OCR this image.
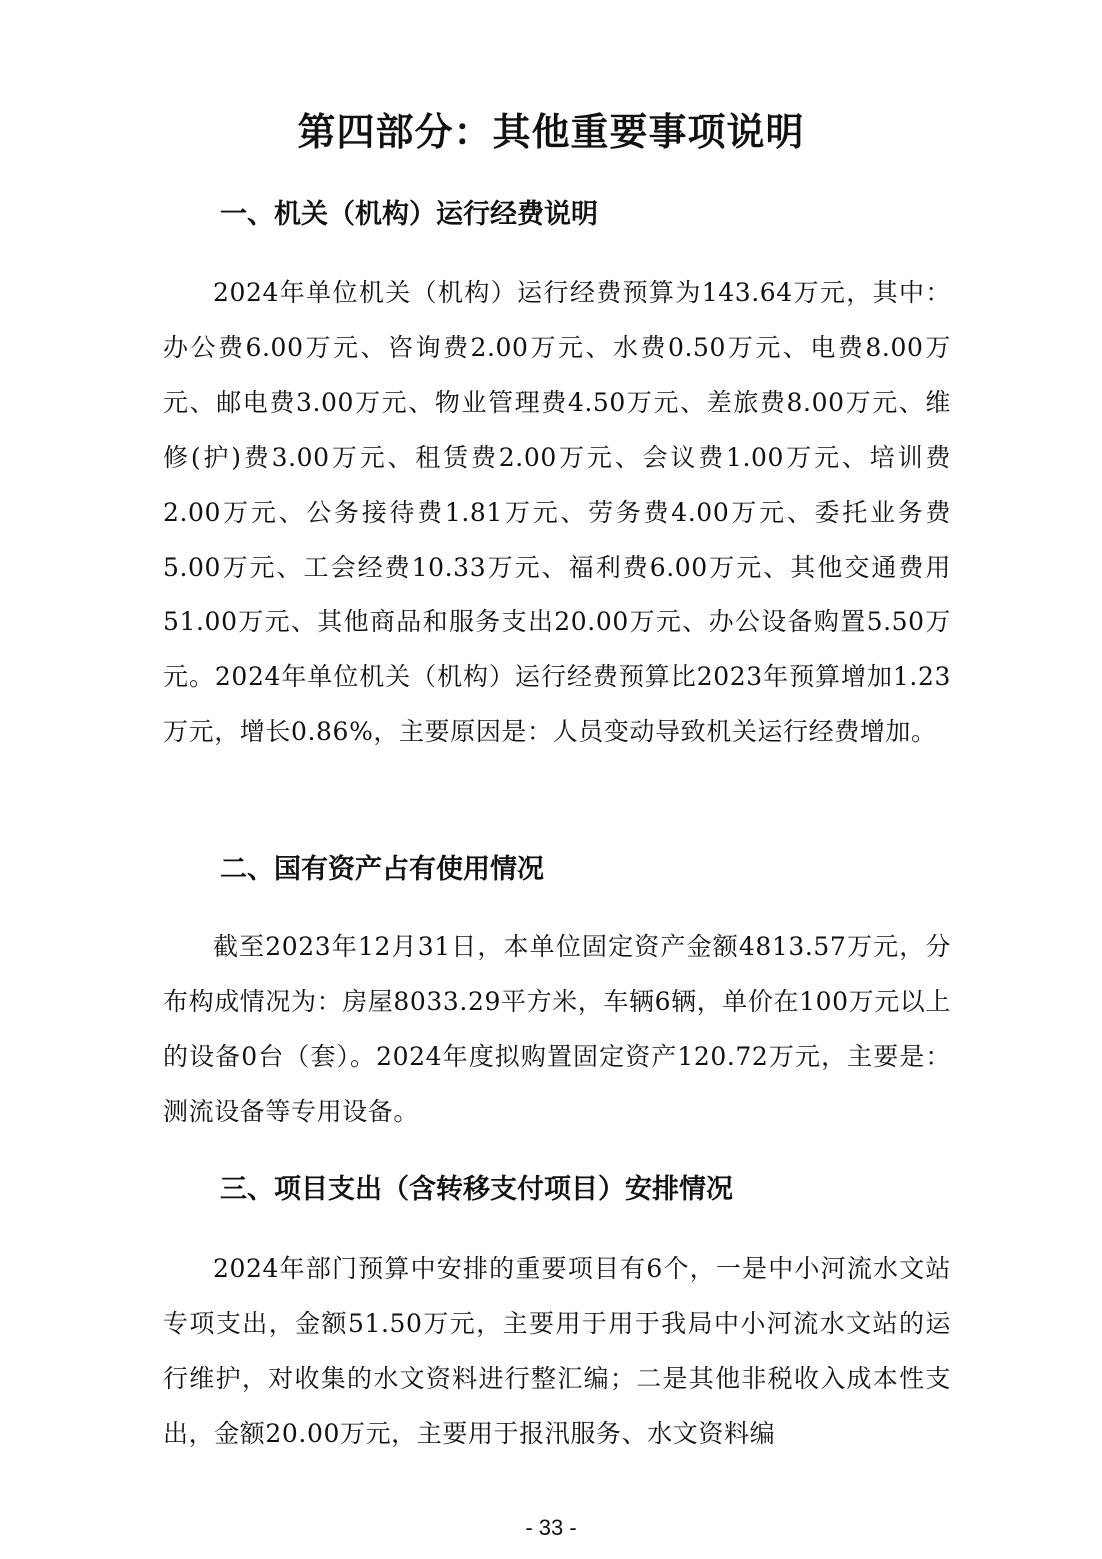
第四部分：其他重要事项说明
一、机关（机构）运行经费说明

2024年单位机关（机构）运行经费预算为143.64万元，其中：办公费6.00万元、咨询费2.00万元、水费0.50万元、电费8.00万元、邮电费3.00万元、物业管理费4.50万元、差旅费8.00万元、维修(护)费3.00万元、租赁费2.00万元、会议费1.00万元、培训费2.00万元、公务接待费1.81万元、劳务费4.00万元、委托业务费5.00万元、工会经费10.33万元、福利费6.00万元、其他交通费用51.00万元、其他商品和服务支出20.00万元、办公设备购置5.50万元。2024年单位机关（机构）运行经费预算比2023年预算增加1.23万元，增长0.86%，主要原因是：人员变动导致机关运行经费增加。

二、国有资产占有使用情况

截至2023年12月31日，本单位固定资产金额4813.57万元，分布构成情况为：房屋8033.29平方米，车辆6辆，单价在100万元以上的设备0台（套）。2024年度拟购置固定资产120.72万元，主要是：测流设备等专用设备。

三、项目支出（含转移支付项目）安排情况

2024年部门预算中安排的重要项目有6个，一是中小河流水文站专项支出，金额51.50万元，主要用于用于我局中小河流水文站的运行维护，对收集的水文资料进行整汇编；二是其他非税收入成本性支出，金额20.00万元，主要用于报汛服务、水文资料编

- 33 -
